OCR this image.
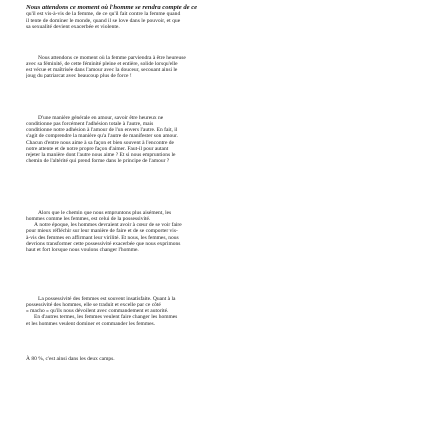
Nous attendons ce moment où l'homme se rendra compte de ce
qu'il est vis-à-vis de la femme, de ce qu'il fait contre la femme quand
il tente de dominer le monde, quand il se love dans le pouvoir, et que
sa sexualité devient exacerbée et violente.
Nous attendons ce moment où la femme parviendra à être heureuse
avec sa féminité, de cette féminité pleine et entière, solide lorsqu'elle
est vécue et maîtrisée dans l'amour avec la douceur, secouant ainsi le
joug du patriarcat avec beaucoup plus de force !
D'une manière générale en amour, savoir être heureux ne
conditionne pas forcément l'adhésion totale à l'autre, mais
conditionne notre adhésion à l'amour de l'un envers l'autre. En fait, il
s'agit de comprendre la manière qu'a l'autre de manifester son amour.
Chacun d'entre nous aime à sa façon et bien souvent à l'encontre de
notre attente et de notre propre façon d'aimer. Faut-il pour autant
rejeter la manière dont l'autre nous aime ? Et si nous empruntions le
chemin de l'altérité qui prend forme dans le principe de l'amour ?
Alors que le chemin que nous empruntons plus aisément, les
hommes comme les femmes, est celui de la possessivité.
À notre époque, les hommes devraient avoir à cœur de se voir faire
pour mieux réfléchir sur leur manière de faire et de se comporter vis-
à-vis des femmes en affirmant leur virilité. Et nous, les femmes, nous
devrions transformer cette possessivité exacerbée que nous exprimons
haut et fort lorsque nous voulons changer l'homme.
La possessivité des femmes est souvent insatisfaite. Quant à la
possessivité des hommes, elle se traduit et excelle par ce côté
« macho » qu'ils nous dévoilent avec commandement et autorité.
En d'autres termes, les femmes veulent faire changer les hommes
et les hommes veulent dominer et commander les femmes.
À 80 %, c'est ainsi dans les deux camps.
